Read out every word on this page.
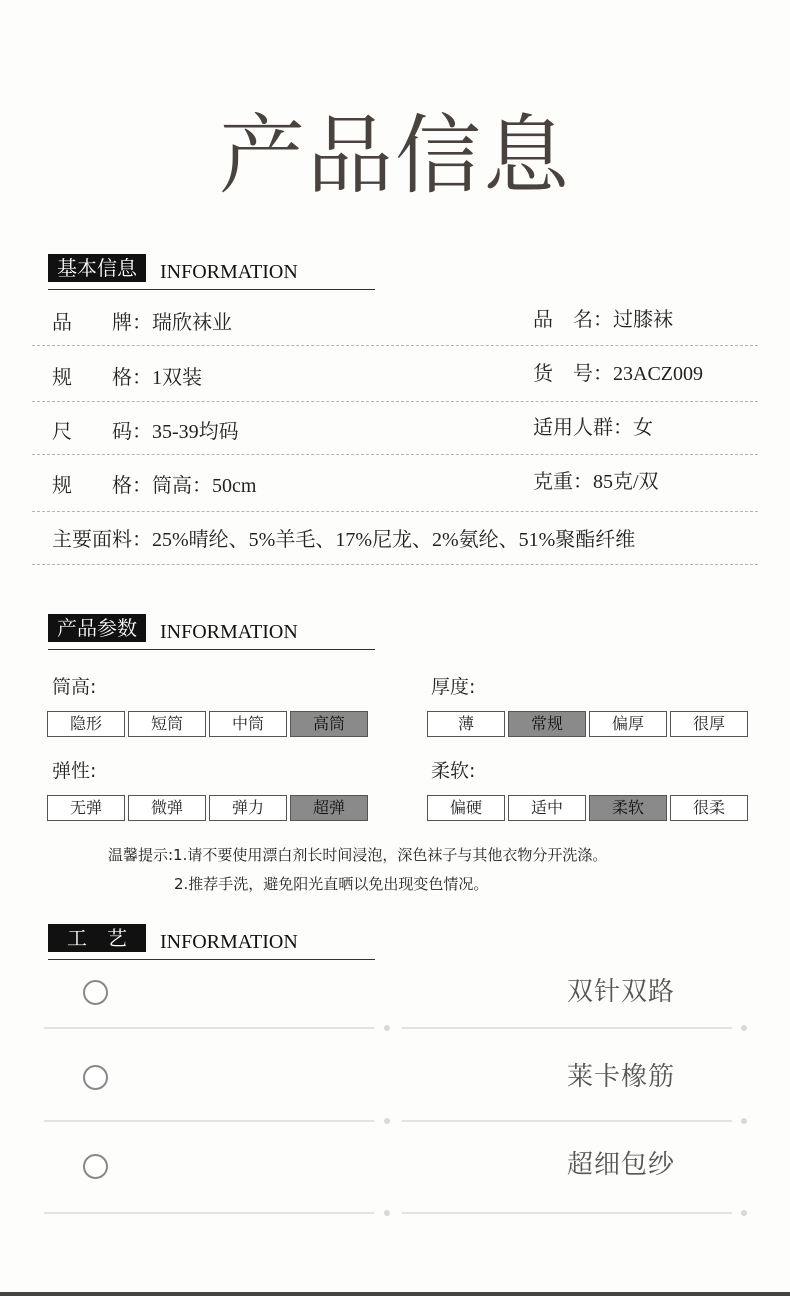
产品信息
基本信息	INFORMATION
品　　牌：瑞欣袜业	品　名：过膝袜
规　　格：1双装	货　号：23ACZ009
尺　　码：35-39均码	适用人群：女
规　　格：筒高：50cm	克重：85克/双
主要面料：25%晴纶、5%羊毛、17%尼龙、2%氨纶、51%聚酯纤维
产品参数	INFORMATION
筒高:
隐形	短筒	中筒	高筒
厚度:
薄	常规	偏厚	很厚
弹性:
无弹	微弹	弹力	超弹
柔软:
偏硬	适中	柔软	很柔
温馨提示:1.请不要使用漂白剂长时间浸泡，深色袜子与其他衣物分开洗涤。
2.推荐手洗，避免阳光直晒以免出现变色情况。
工　艺	INFORMATION
双针双路
莱卡橡筋
超细包纱
